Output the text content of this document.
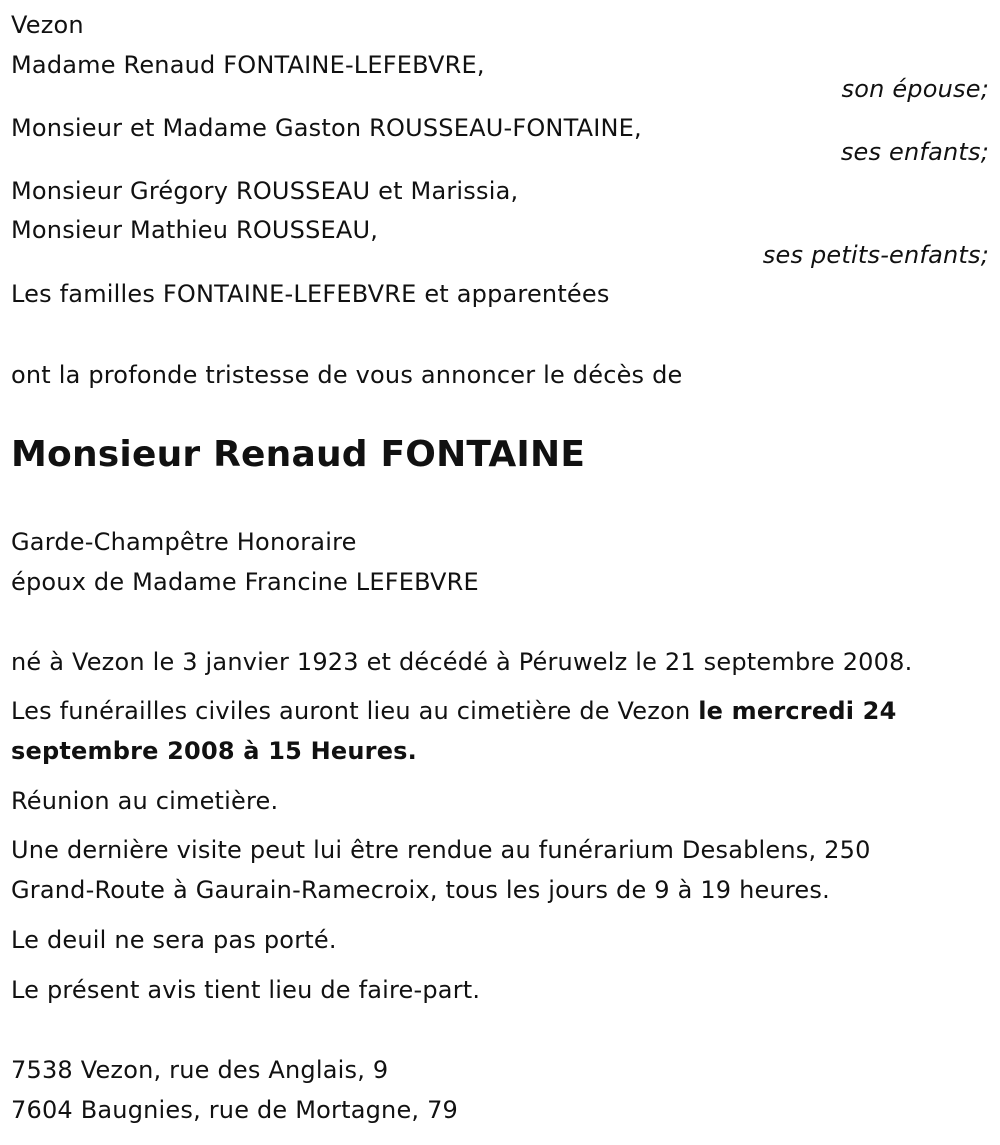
Vezon
Madame Renaud FONTAINE-LEFEBVRE,
son épouse;
Monsieur et Madame Gaston ROUSSEAU-FONTAINE,
ses enfants;
Monsieur Grégory ROUSSEAU et Marissia,
Monsieur Mathieu ROUSSEAU,
ses petits-enfants;
Les familles FONTAINE-LEFEBVRE et apparentées
ont la profonde tristesse de vous annoncer le décès de
Monsieur Renaud FONTAINE
Garde-Champêtre Honoraire
époux de Madame Francine LEFEBVRE
né à Vezon le 3 janvier 1923 et décédé à Péruwelz le 21 septembre 2008.
Les funérailles civiles auront lieu au cimetière de Vezon le mercredi 24
septembre 2008 à 15 Heures.
Réunion au cimetière.
Une dernière visite peut lui être rendue au funérarium Desablens, 250
Grand-Route à Gaurain-Ramecroix, tous les jours de 9 à 19 heures.
Le deuil ne sera pas porté.
Le présent avis tient lieu de faire-part.
7538 Vezon, rue des Anglais, 9
7604 Baugnies, rue de Mortagne, 79
